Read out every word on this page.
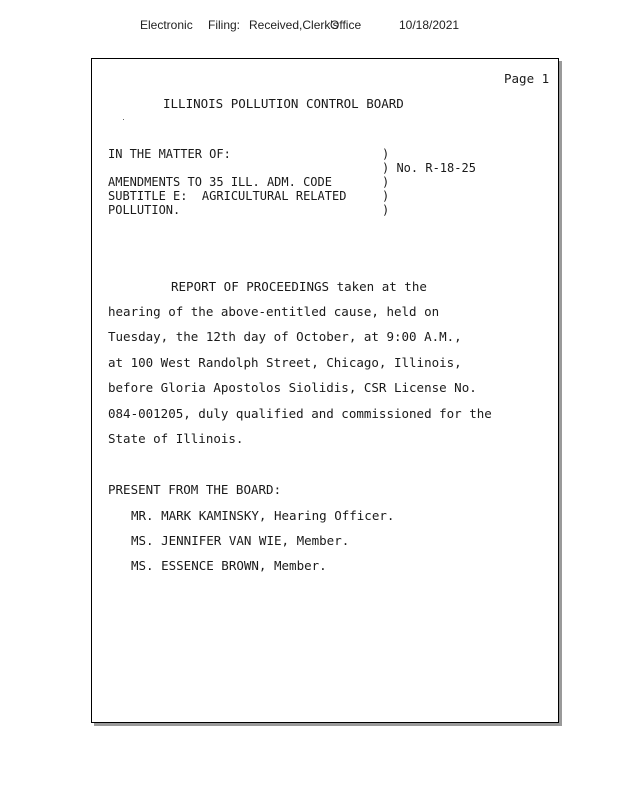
Electronic Filing: Received,Clerk's
Office	10/18/2021
Page 1
ILLINOIS POLLUTION CONTROL BOARD
IN THE MATTER OF:	)
) No. R-18-25
AMENDMENTS TO 35 ILL. ADM. CODE	)
SUBTITLE E:  AGRICULTURAL RELATED	)
POLLUTION.	)
REPORT OF PROCEEDINGS taken at the
hearing of the above-entitled cause, held on
Tuesday, the 12th day of October, at 9:00 A.M.,
at 100 West Randolph Street, Chicago, Illinois,
before Gloria Apostolos Siolidis, CSR License No.
084-001205, duly qualified and commissioned for the
State of Illinois.
PRESENT FROM THE BOARD:
MR. MARK KAMINSKY, Hearing Officer.
MS. JENNIFER VAN WIE, Member.
MS. ESSENCE BROWN, Member.
